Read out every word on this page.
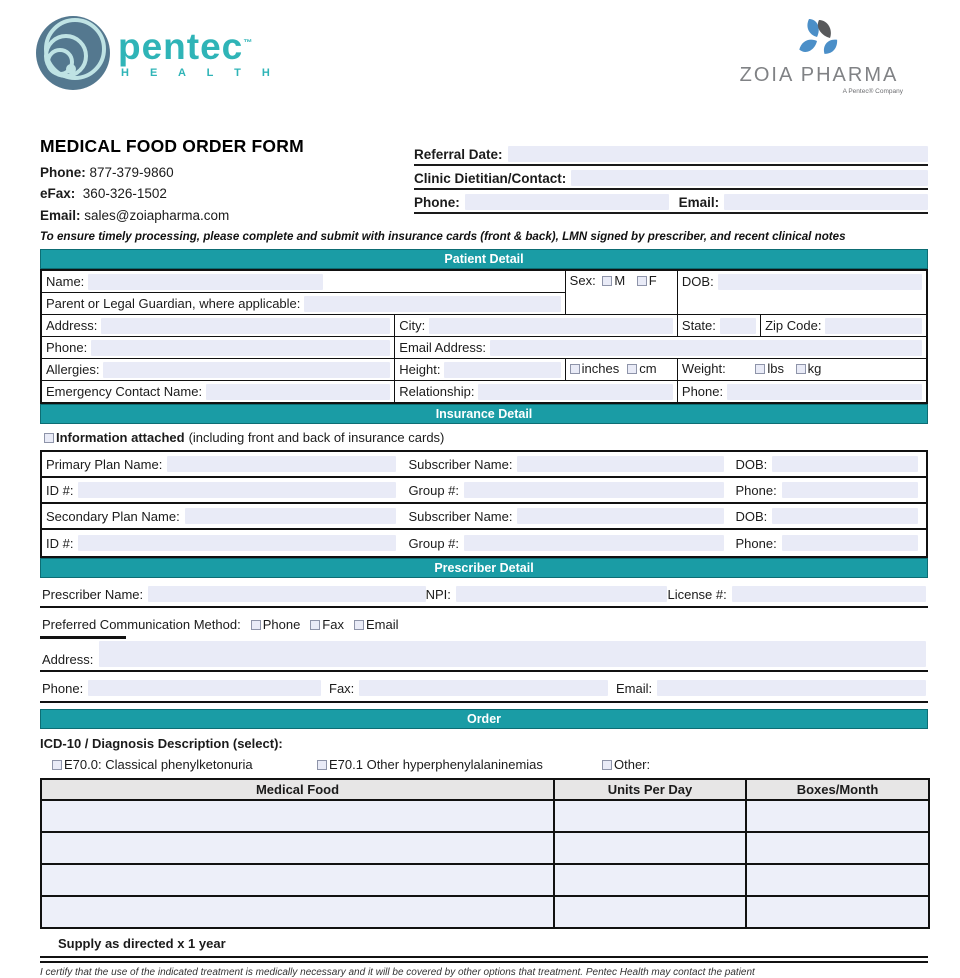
pentec™
H E A L T H	ZOIA PHARMA
A Pentec® Company
MEDICAL FOOD ORDER FORM
Phone: 877-379-9860
eFax: 360-326-1502
Email: sales@zoiapharma.com
Referral Date:
Clinic Dietitian/Contact:
Phone:	Email:
To ensure timely processing, please complete and submit with insurance cards (front & back), LMN signed by prescriber, and recent clinical notes
Patient Detail
Name:		Sex: M F	DOB:	

Parent or Legal Guardian, where applicable:				

Address:	City:		State:	Zip Code:

Phone:	Email Address:			

Allergies:	Height:	inches cm	Weight: lbs kg	

Emergency Contact Name:	Relationship:		Phone:	
Insurance Detail
Information attached (including front and back of insurance cards)
Primary Plan Name:	Subscriber Name:	DOB:
ID #:	Group #:	Phone:
Secondary Plan Name:	Subscriber Name:	DOB:
ID #:	Group #:	Phone:
Prescriber Detail
Prescriber Name:	NPI:	License #:
Preferred Communication Method:	Phone	Fax	Email
Address:
Phone:	Fax:	Email:
Order
ICD-10 / Diagnosis Description (select):
E70.0: Classical phenylketonuria	E70.1 Other hyperphenylalaninemias	Other:
Medical Food	Units Per Day	Boxes/Month

Supply as directed x 1 year
I certify that the use of the indicated treatment is medically necessary and it will be covered by other options that treatment. Pentec Health may contact the patient
